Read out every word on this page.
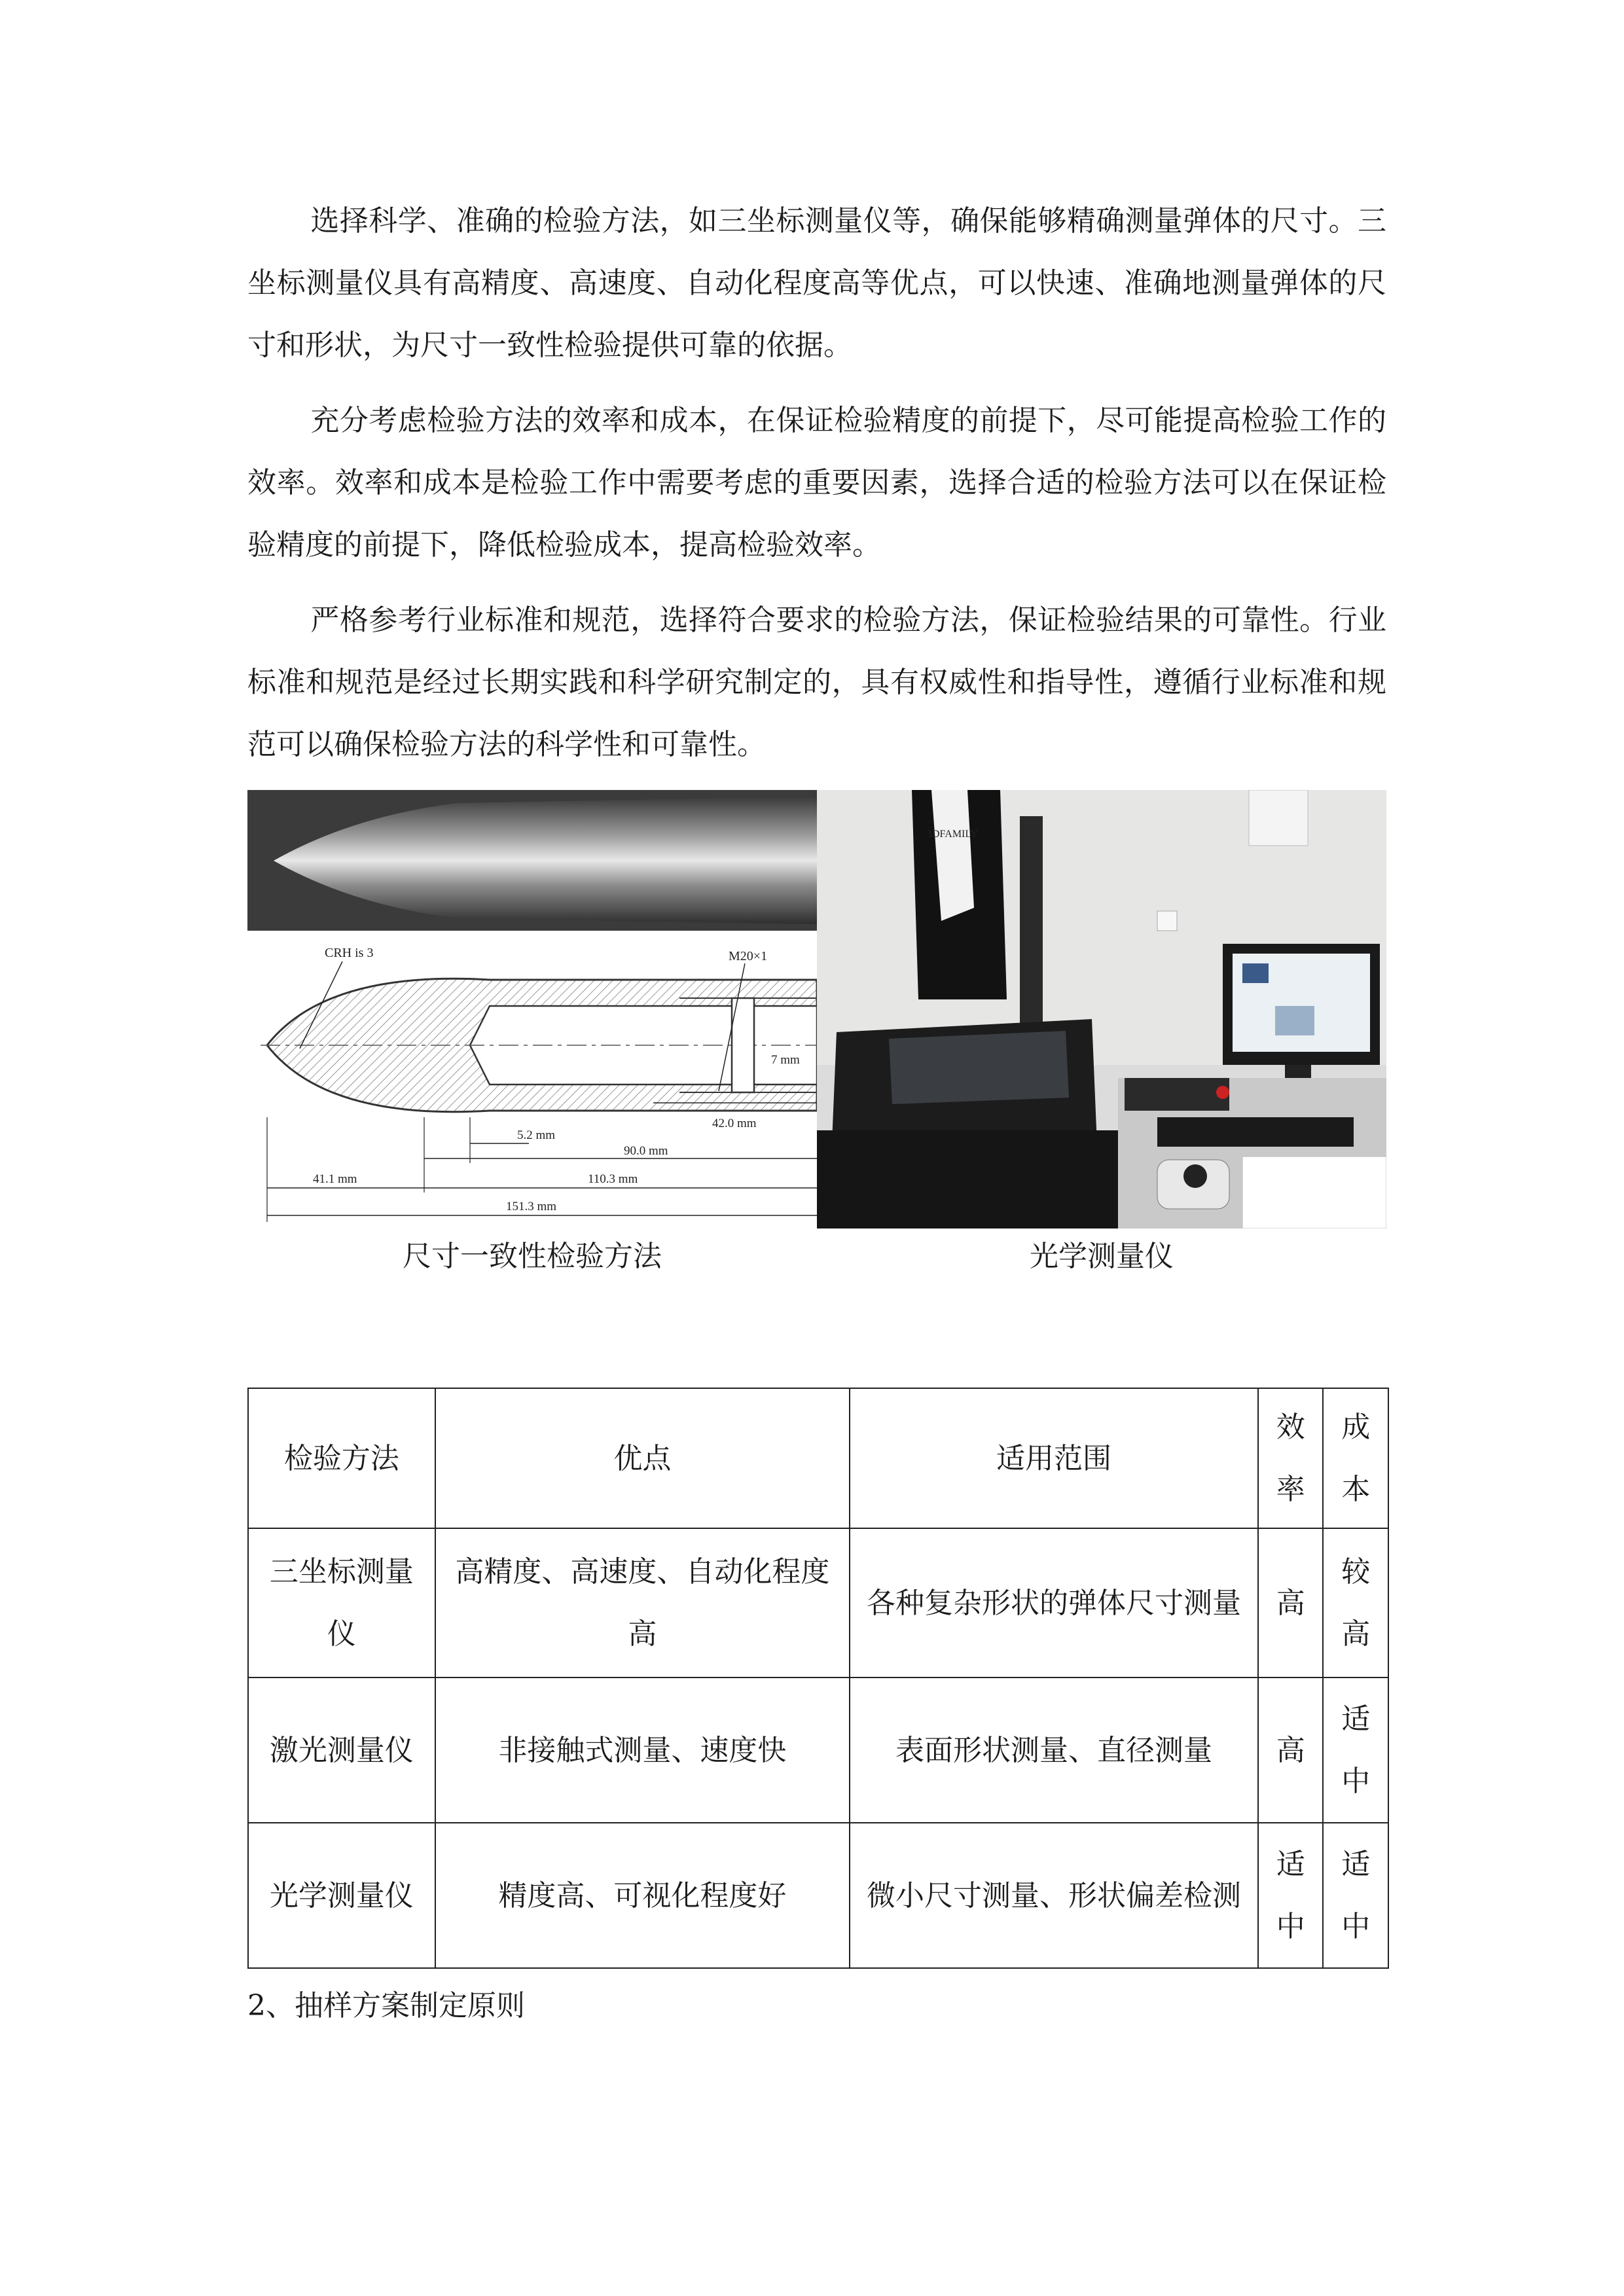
选择科学、准确的检验方法，如三坐标测量仪等，确保能够精确测量弹体的尺寸。三坐标测量仪具有高精度、高速度、自动化程度高等优点，可以快速、准确地测量弹体的尺寸和形状，为尺寸一致性检验提供可靠的依据。

充分考虑检验方法的效率和成本，在保证检验精度的前提下，尽可能提高检验工作的效率。效率和成本是检验工作中需要考虑的重要因素，选择合适的检验方法可以在保证检验精度的前提下，降低检验成本，提高检验效率。

严格参考行业标准和规范，选择符合要求的检验方法，保证检验结果的可靠性。行业标准和规范是经过长期实践和科学研究制定的，具有权威性和指导性，遵循行业标准和规范可以确保检验方法的科学性和可靠性。

CRH is 3	M20×1
7 mm
42.0 mm
5.2 mm
90.0 mm
41.1 mm	110.3 mm
151.3 mm
3DFAMILY

尺寸一致性检验方法	光学测量仪

检验方法	优点	适用范围	效率	成本
三坐标测量仪	高精度、高速度、自动化程度高	各种复杂形状的弹体尺寸测量	高	较高
激光测量仪	非接触式测量、速度快	表面形状测量、直径测量	高	适中
光学测量仪	精度高、可视化程度好	微小尺寸测量、形状偏差检测	适中	适中

2、抽样方案制定原则
